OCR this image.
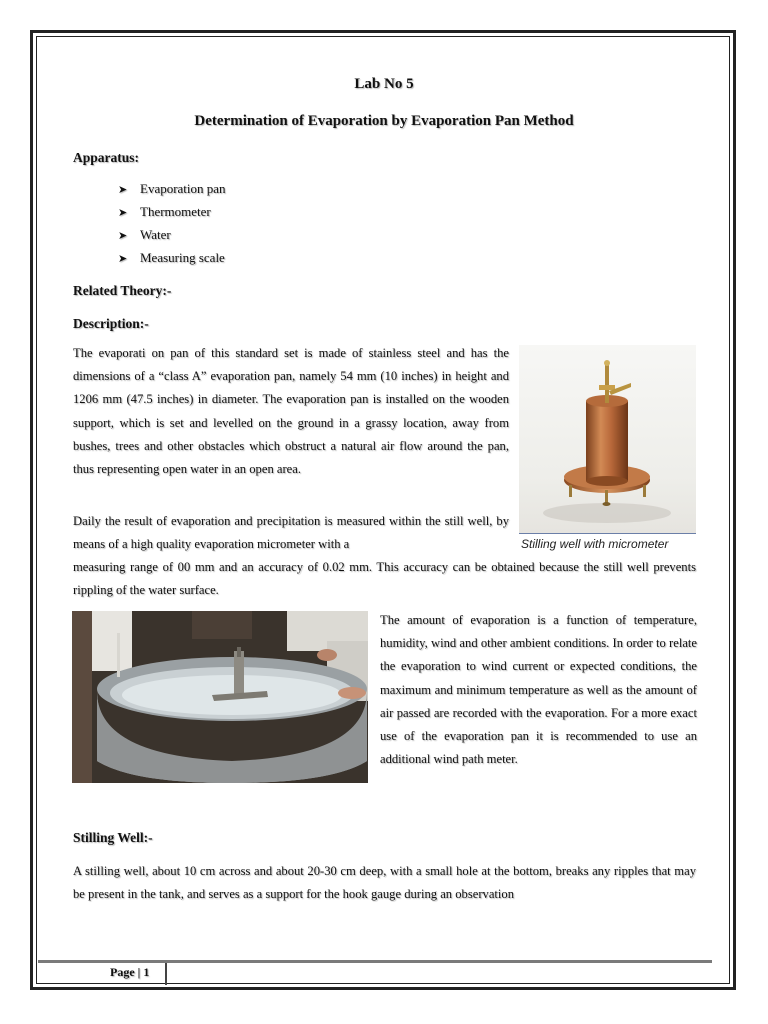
Lab No 5
Determination of Evaporation by Evaporation Pan Method
Apparatus:
➤ Evaporation pan
➤ Thermometer
➤ Water
➤ Measuring scale
Related Theory:-
Description:-

The evaporati on pan of this standard set is made of stainless steel and has the dimensions of a “class A” evaporation pan, namely 54 mm (10 inches) in height and 1206 mm (47.5 inches) in diameter. The evaporation pan is installed on the wooden support, which is set and levelled on the ground in a grassy location, away from bushes, trees and other obstacles which obstruct a natural air flow around the pan, thus representing open water in an open area.

Daily the result of evaporation and precipitation is measured within the still well, by means of a high quality evaporation micrometer with a

measuring range of 00 mm and an accuracy of 0.02 mm. This accuracy can be obtained because the still well prevents rippling of the water surface.

Stilling well with micrometer

The amount of evaporation is a function of temperature, humidity, wind and other ambient conditions. In order to relate the evaporation to wind current or expected conditions, the maximum and minimum temperature as well as the amount of air passed are recorded with the evaporation. For a more exact use of the evaporation pan it is recommended to use an additional wind path meter.

Stilling Well:-

A stilling well, about 10 cm across and about 20-30 cm deep, with a small hole at the bottom, breaks any ripples that may be present in the tank, and serves as a support for the hook gauge during an observation

Page | 1
